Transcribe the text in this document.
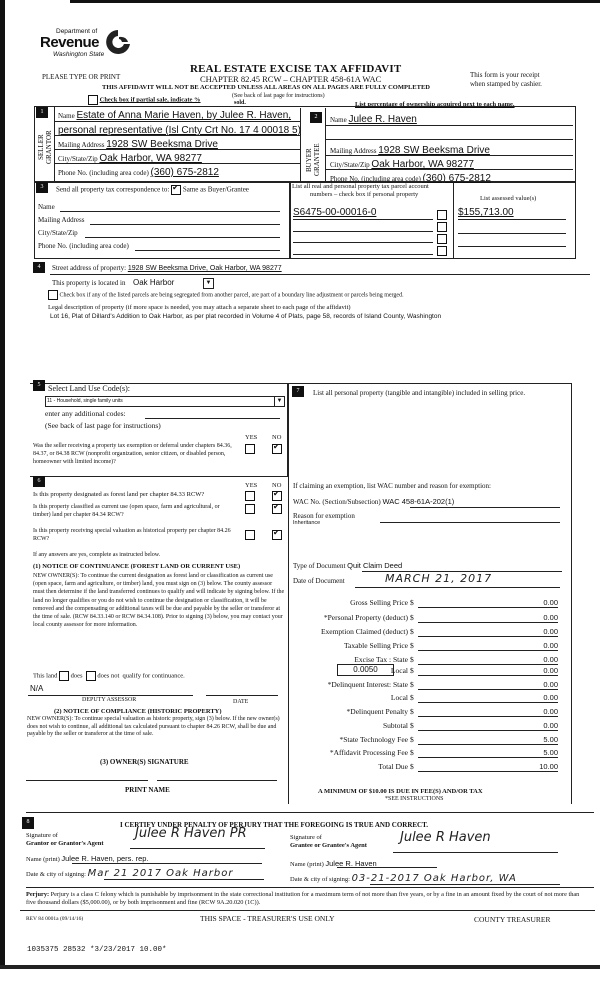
Department of
Revenue
Washington State
PLEASE TYPE OR PRINT
REAL ESTATE EXCISE TAX AFFIDAVIT
CHAPTER 82.45 RCW – CHAPTER 458-61A WAC
THIS AFFIDAVIT WILL NOT BE ACCEPTED UNLESS ALL AREAS ON ALL PAGES ARE FULLY COMPLETED
This form is your receipt
when stamped by cashier.
Check box if partial sale, indicate %
(See back of last page for instructions)
sold.	List percentage of ownership acquired next to each name.
1
SELLER GRANTOR
Name Estate of Anna Marie Haven, by Julee R. Haven,
personal representative (Isl Cnty Crt No. 17 4 00018 5)
Mailing Address 1928 SW Beeksma Drive
City/State/Zip Oak Harbor, WA 98277
Phone No. (including area code) (360) 675-2812
2
BUYER GRANTEE
Name Julee R. Haven
Mailing Address 1928 SW Beeksma Drive
City/State/Zip Oak Harbor, WA 98277
Phone No. (including area code) (360) 675-2812
3	Send all property tax correspondence to: ✔ Same as Buyer/Grantee
Name
Mailing Address
City/State/Zip
Phone No. (including area code)
List all real and personal property tax parcel account
numbers – check box if personal property
List assessed value(s)
S6475-00-00016-0	$155,713.00
4	Street address of property: 1928 SW Beeksma Drive, Oak Harbor, WA 98277
This property is located in Oak Harbor	▼
Check box if any of the listed parcels are being segregated from another parcel, are part of a boundary line adjustment or parcels being merged.
Legal description of property (if more space is needed, you may attach a separate sheet to each page of the affidavit)
Lot 16, Plat of Dillard's Addition to Oak Harbor, as per plat recorded in Volume 4 of Plats, page 58, records of Island County, Washington
5 Select Land Use Code(s):
11 - Household, single family units	▼
enter any additional codes:
(See back of last page for instructions)
YES NO
Was the seller receiving a property tax exemption or deferral under chapters 84.36, 84.37, or 84.38 RCW (nonprofit organization, senior citizen, or disabled person, homeowner with limited income)?
✔
6
YES NO
Is this property designated as forest land per chapter 84.33 RCW?
✔
Is this property classified as current use (open space, farm and agricultural, or timber) land per chapter 84.34 RCW?
✔
Is this property receiving special valuation as historical property per chapter 84.26 RCW?
✔
If any answers are yes, complete as instructed below.
(1) NOTICE OF CONTINUANCE (FOREST LAND OR CURRENT USE)
NEW OWNER(S): To continue the current designation as forest land or classification as current use (open space, farm and agriculture, or timber) land, you must sign on (3) below. The county assessor must then determine if the land transferred continues to qualify and will indicate by signing below. If the land no longer qualifies or you do not wish to continue the designation or classification, it will be removed and the compensating or additional taxes will be due and payable by the seller or transferor at the time of sale. (RCW 84.33.140 or RCW 84.34.108). Prior to signing (3) below, you may contact your local county assessor for more information.
This land does does not qualify for continuance.
N/A
DEPUTY ASSESSOR	DATE
(2) NOTICE OF COMPLIANCE (HISTORIC PROPERTY)
NEW OWNER(S): To continue special valuation as historic property, sign (3) below. If the new owner(s) does not wish to continue, all additional tax calculated pursuant to chapter 84.26 RCW, shall be due and payable by the seller or transferor at the time of sale.
(3) OWNER(S) SIGNATURE
PRINT NAME
7	List all personal property (tangible and intangible) included in selling price.
If claiming an exemption, list WAC number and reason for exemption:
WAC No. (Section/Subsection) WAC 458-61A-202(1)
Reason for exemption
Inheritance
Type of Document Quit Claim Deed
Date of Document	MARCH 21, 2017
Gross Selling Price $	0.00
*Personal Property (deduct) $	0.00
Exemption Claimed (deduct) $	0.00
Taxable Selling Price $	0.00
Excise Tax : State $	0.00
0.0050	Local $	0.00
*Delinquent Interest: State $	0.00
Local $	0.00
*Delinquent Penalty $	0.00
Subtotal $	0.00
*State Technology Fee $	5.00
*Affidavit Processing Fee $	5.00
Total Due $	10.00
A MINIMUM OF $10.00 IS DUE IN FEE(S) AND/OR TAX
*SEE INSTRUCTIONS
8	I CERTIFY UNDER PENALTY OF PERJURY THAT THE FOREGOING IS TRUE AND CORRECT.
Signature of
Grantor or Grantor's Agent
Julee R Haven PR
Name (print) Julee R. Haven, pers. rep.
Date & city of signing: Mar 21 2017 Oak Harbor
Signature of
Grantee or Grantee's Agent
Julee R Haven
Name (print) Julee R. Haven
Date & city of signing: 03-21-2017 Oak Harbor, WA
Perjury: Perjury is a class C felony which is punishable by imprisonment in the state correctional institution for a maximum term of not more than five years, or by a fine in an amount fixed by the court of not more than five thousand dollars ($5,000.00), or by both imprisonment and fine (RCW 9A.20.020 (1C)).
REV 84 0001a (09/14/16)	THIS SPACE - TREASURER'S USE ONLY	COUNTY TREASURER
1035375 28532 *3/23/2017 10.00*
